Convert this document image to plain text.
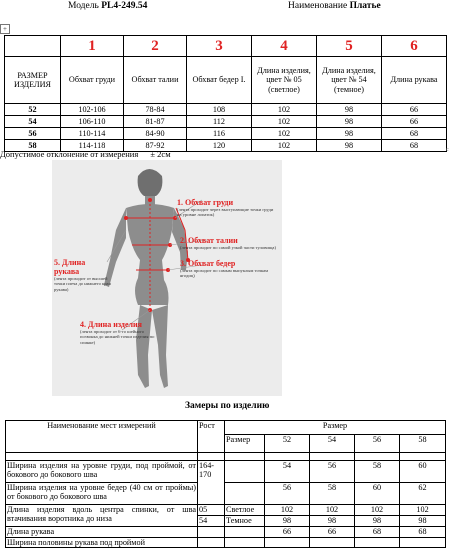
Модель PL4-249.54	Наименование Платье
+
	1	2	3	4	5	6
РАЗМЕР ИЗДЕЛИЯ	Обхват груди	Обхват талии	Обхват бедер I.	Длина изделия, цвет № 05 (светлое)	Длина изделия, цвет № 54 (темное)	Длина рукава
52	102-106	78-84	108	102	98	66
54	106-110	81-87	112	102	98	66
56	110-114	84-90	116	102	98	68
58	114-118	87-92	120	102	98	68
Допустимое отклонение от измерения ± 2см	c
1. Обхват груди
(лента проходит через выступающие точки груди на уровне лопаток)
2. Обхват талии
(лента проходит по самой узкой части туловища)
3. Обхват бедер
(лента проходит по самым выпуклым точкам ягодиц)
5. Длина рукава
(лента проходит от высшей точки плеча до нижнего края рукава)
4. Длина изделия
(лента проходит от 6-го шейного позвонка до нижней точки изделия по спинке)
Замеры по изделию
Наименование мест измерений	Рост	Размер				
		Размер	52	54	56	58

Ширина изделия на уровне груди, под проймой, от бокового до бокового шва	164-170		54	56	58	60
Ширина изделия на уровне бедер (40 см от проймы) от бокового до бокового шва			56	58	60	62
Длина изделия вдоль центра спинки, от шва втачивания воротника до низа	05	Светлое	102	102	102	102
	54	Темное	98	98	98	98
Длина рукава			66	66	68	68
Ширина половины рукава под проймой						
